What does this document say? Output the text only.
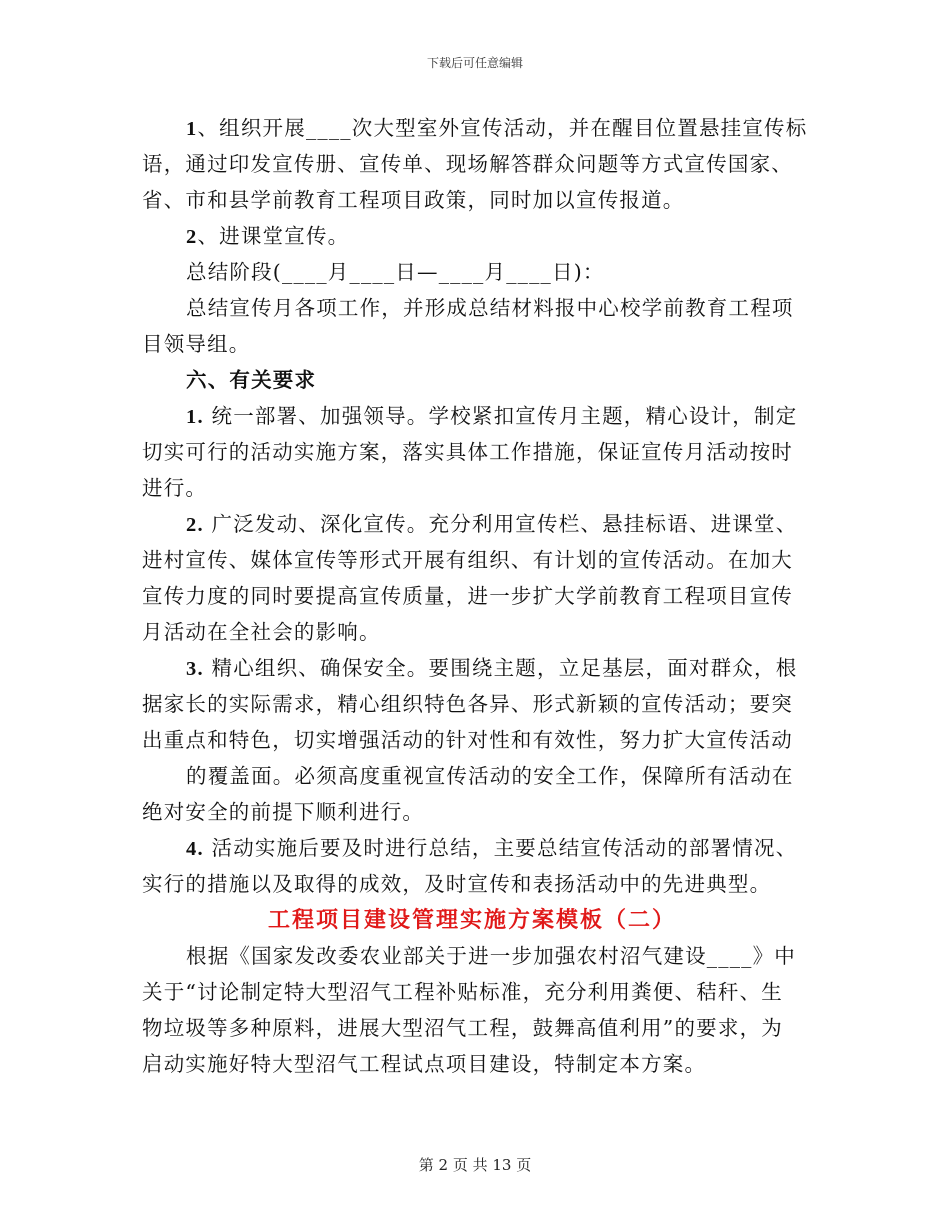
下载后可任意编辑
1、组织开展____次大型室外宣传活动，并在醒目位置悬挂宣传标
语，通过印发宣传册、宣传单、现场解答群众问题等方式宣传国家、
省、市和县学前教育工程项目政策，同时加以宣传报道。
2、进课堂宣传。
总结阶段(____月____日—____月____日)：
总结宣传月各项工作，并形成总结材料报中心校学前教育工程项
目领导组。
六、有关要求
1. 统一部署、加强领导。学校紧扣宣传月主题，精心设计，制定
切实可行的活动实施方案，落实具体工作措施，保证宣传月活动按时
进行。
2. 广泛发动、深化宣传。充分利用宣传栏、悬挂标语、进课堂、
进村宣传、媒体宣传等形式开展有组织、有计划的宣传活动。在加大
宣传力度的同时要提高宣传质量，进一步扩大学前教育工程项目宣传
月活动在全社会的影响。
3. 精心组织、确保安全。要围绕主题，立足基层，面对群众，根
据家长的实际需求，精心组织特色各异、形式新颖的宣传活动；要突
出重点和特色，切实增强活动的针对性和有效性，努力扩大宣传活动
的覆盖面。必须高度重视宣传活动的安全工作，保障所有活动在
绝对安全的前提下顺利进行。
4. 活动实施后要及时进行总结，主要总结宣传活动的部署情况、
实行的措施以及取得的成效，及时宣传和表扬活动中的先进典型。
工程项目建设管理实施方案模板（二）
根据《国家发改委农业部关于进一步加强农村沼气建设____》中
关于“讨论制定特大型沼气工程补贴标准，充分利用粪便、秸秆、生
物垃圾等多种原料，进展大型沼气工程，鼓舞高值利用”的要求，为
启动实施好特大型沼气工程试点项目建设，特制定本方案。
第 2 页 共 13 页
